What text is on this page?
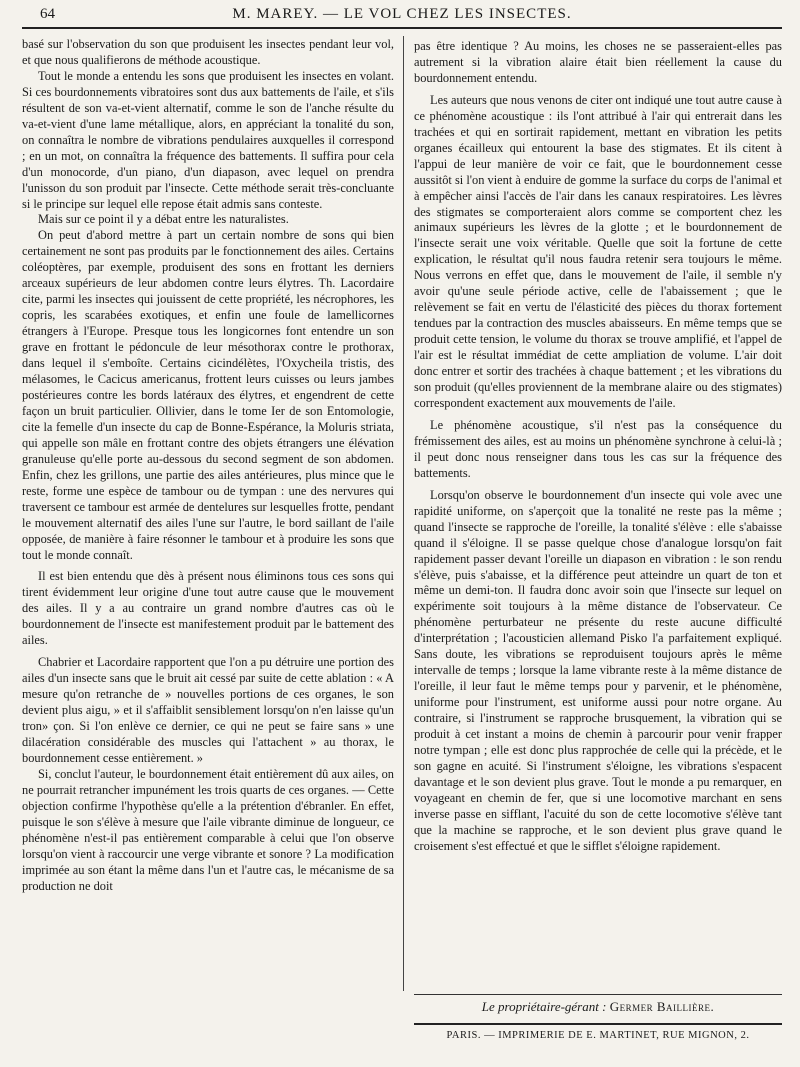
64	M. MAREY. — LE VOL CHEZ LES INSECTES.

basé sur l'observation du son que produisent les insectes pendant leur vol, et que nous qualifierons de méthode acoustique.

Tout le monde a entendu les sons que produisent les insectes en volant. Si ces bourdonnements vibratoires sont dus aux battements de l'aile, et s'ils résultent de son va-et-vient alternatif, comme le son de l'anche résulte du va-et-vient d'une lame métallique, alors, en appréciant la tonalité du son, on connaîtra le nombre de vibrations pendulaires auxquelles il correspond ; en un mot, on connaîtra la fréquence des battements. Il suffira pour cela d'un monocorde, d'un piano, d'un diapason, avec lequel on prendra l'unisson du son produit par l'insecte. Cette méthode serait très-concluante si le principe sur lequel elle repose était admis sans conteste.

Mais sur ce point il y a débat entre les naturalistes.

On peut d'abord mettre à part un certain nombre de sons qui bien certainement ne sont pas produits par le fonctionnement des ailes. Certains coléoptères, par exemple, produisent des sons en frottant les derniers arceaux supérieurs de leur abdomen contre leurs élytres. Th. Lacordaire cite, parmi les insectes qui jouissent de cette propriété, les nécrophores, les copris, les scarabées exotiques, et enfin une foule de lamellicornes étrangers à l'Europe. Presque tous les longicornes font entendre un son grave en frottant le pédoncule de leur mésothorax contre le prothorax, dans lequel il s'emboîte. Certains cicindélètes, l'Oxycheila tristis, des mélasomes, le Cacicus americanus, frottent leurs cuisses ou leurs jambes postérieures contre les bords latéraux des élytres, et engendrent de cette façon un bruit particulier. Ollivier, dans le tome Ier de son Entomologie, cite la femelle d'un insecte du cap de Bonne-Espérance, la Moluris striata, qui appelle son mâle en frottant contre des objets étrangers une élévation granuleuse qu'elle porte au-dessous du second segment de son abdomen. Enfin, chez les grillons, une partie des ailes antérieures, plus mince que le reste, forme une espèce de tambour ou de tympan : une des nervures qui traversent ce tambour est armée de dentelures sur lesquelles frotte, pendant le mouvement alternatif des ailes l'une sur l'autre, le bord saillant de l'aile opposée, de manière à faire résonner le tambour et à produire les sons que tout le monde connaît.

Il est bien entendu que dès à présent nous éliminons tous ces sons qui tirent évidemment leur origine d'une tout autre cause que le mouvement des ailes. Il y a au contraire un grand nombre d'autres cas où le bourdonnement de l'insecte est manifestement produit par le battement des ailes.

Chabrier et Lacordaire rapportent que l'on a pu détruire une portion des ailes d'un insecte sans que le bruit ait cessé par suite de cette ablation : « A mesure qu'on retranche de » nouvelles portions de ces organes, le son devient plus aigu, » et il s'affaiblit sensiblement lorsqu'on n'en laisse qu'un tron» çon. Si l'on enlève ce dernier, ce qui ne peut se faire sans » une dilacération considérable des muscles qui l'attachent » au thorax, le bourdonnement cesse entièrement. »

Si, conclut l'auteur, le bourdonnement était entièrement dû aux ailes, on ne pourrait retrancher impunément les trois quarts de ces organes. — Cette objection confirme l'hypothèse qu'elle a la prétention d'ébranler. En effet, puisque le son s'élève à mesure que l'aile vibrante diminue de longueur, ce phénomène n'est-il pas entièrement comparable à celui que l'on observe lorsqu'on vient à raccourcir une verge vibrante et sonore ? La modification imprimée au son étant la même dans l'un et l'autre cas, le mécanisme de sa production ne doit

pas être identique ? Au moins, les choses ne se passeraient-elles pas autrement si la vibration alaire était bien réellement la cause du bourdonnement entendu.

Les auteurs que nous venons de citer ont indiqué une tout autre cause à ce phénomène acoustique : ils l'ont attribué à l'air qui entrerait dans les trachées et qui en sortirait rapidement, mettant en vibration les petits organes écailleux qui entourent la base des stigmates. Et ils citent à l'appui de leur manière de voir ce fait, que le bourdonnement cesse aussitôt si l'on vient à enduire de gomme la surface du corps de l'animal et à empêcher ainsi l'accès de l'air dans les canaux respiratoires. Les lèvres des stigmates se comporteraient alors comme se comportent chez les animaux supérieurs les lèvres de la glotte ; et le bourdonnement de l'insecte serait une voix véritable. Quelle que soit la fortune de cette explication, le résultat qu'il nous faudra retenir sera toujours le même. Nous verrons en effet que, dans le mouvement de l'aile, il semble n'y avoir qu'une seule période active, celle de l'abaissement ; que le relèvement se fait en vertu de l'élasticité des pièces du thorax fortement tendues par la contraction des muscles abaisseurs. En même temps que se produit cette tension, le volume du thorax se trouve amplifié, et l'appel de l'air est le résultat immédiat de cette ampliation de volume. L'air doit donc entrer et sortir des trachées à chaque battement ; et les vibrations du son produit (qu'elles proviennent de la membrane alaire ou des stigmates) correspondent exactement aux mouvements de l'aile.

Le phénomène acoustique, s'il n'est pas la conséquence du frémissement des ailes, est au moins un phénomène synchrone à celui-là ; il peut donc nous renseigner dans tous les cas sur la fréquence des battements.

Lorsqu'on observe le bourdonnement d'un insecte qui vole avec une rapidité uniforme, on s'aperçoit que la tonalité ne reste pas la même ; quand l'insecte se rapproche de l'oreille, la tonalité s'élève : elle s'abaisse quand il s'éloigne. Il se passe quelque chose d'analogue lorsqu'on fait rapidement passer devant l'oreille un diapason en vibration : le son rendu s'élève, puis s'abaisse, et la différence peut atteindre un quart de ton et même un demi-ton. Il faudra donc avoir soin que l'insecte sur lequel on expérimente soit toujours à la même distance de l'observateur. Ce phénomène perturbateur ne présente du reste aucune difficulté d'interprétation ; l'acousticien allemand Pisko l'a parfaitement expliqué. Sans doute, les vibrations se reproduisent toujours après le même intervalle de temps ; lorsque la lame vibrante reste à la même distance de l'oreille, il leur faut le même temps pour y parvenir, et le phénomène, uniforme pour l'instrument, est uniforme aussi pour notre organe. Au contraire, si l'instrument se rapproche brusquement, la vibration qui se produit à cet instant a moins de chemin à parcourir pour venir frapper notre tympan ; elle est donc plus rapprochée de celle qui la précède, et le son gagne en acuité. Si l'instrument s'éloigne, les vibrations s'espacent davantage et le son devient plus grave. Tout le monde a pu remarquer, en voyageant en chemin de fer, que si une locomotive marchant en sens inverse passe en sifflant, l'acuité du son de cette locomotive s'élève tant que la machine se rapproche, et le son devient plus grave quand le croisement s'est effectué et que le sifflet s'éloigne rapidement.

Le propriétaire-gérant : Germer Baillière.
PARIS. — IMPRIMERIE DE E. MARTINET, RUE MIGNON, 2.
